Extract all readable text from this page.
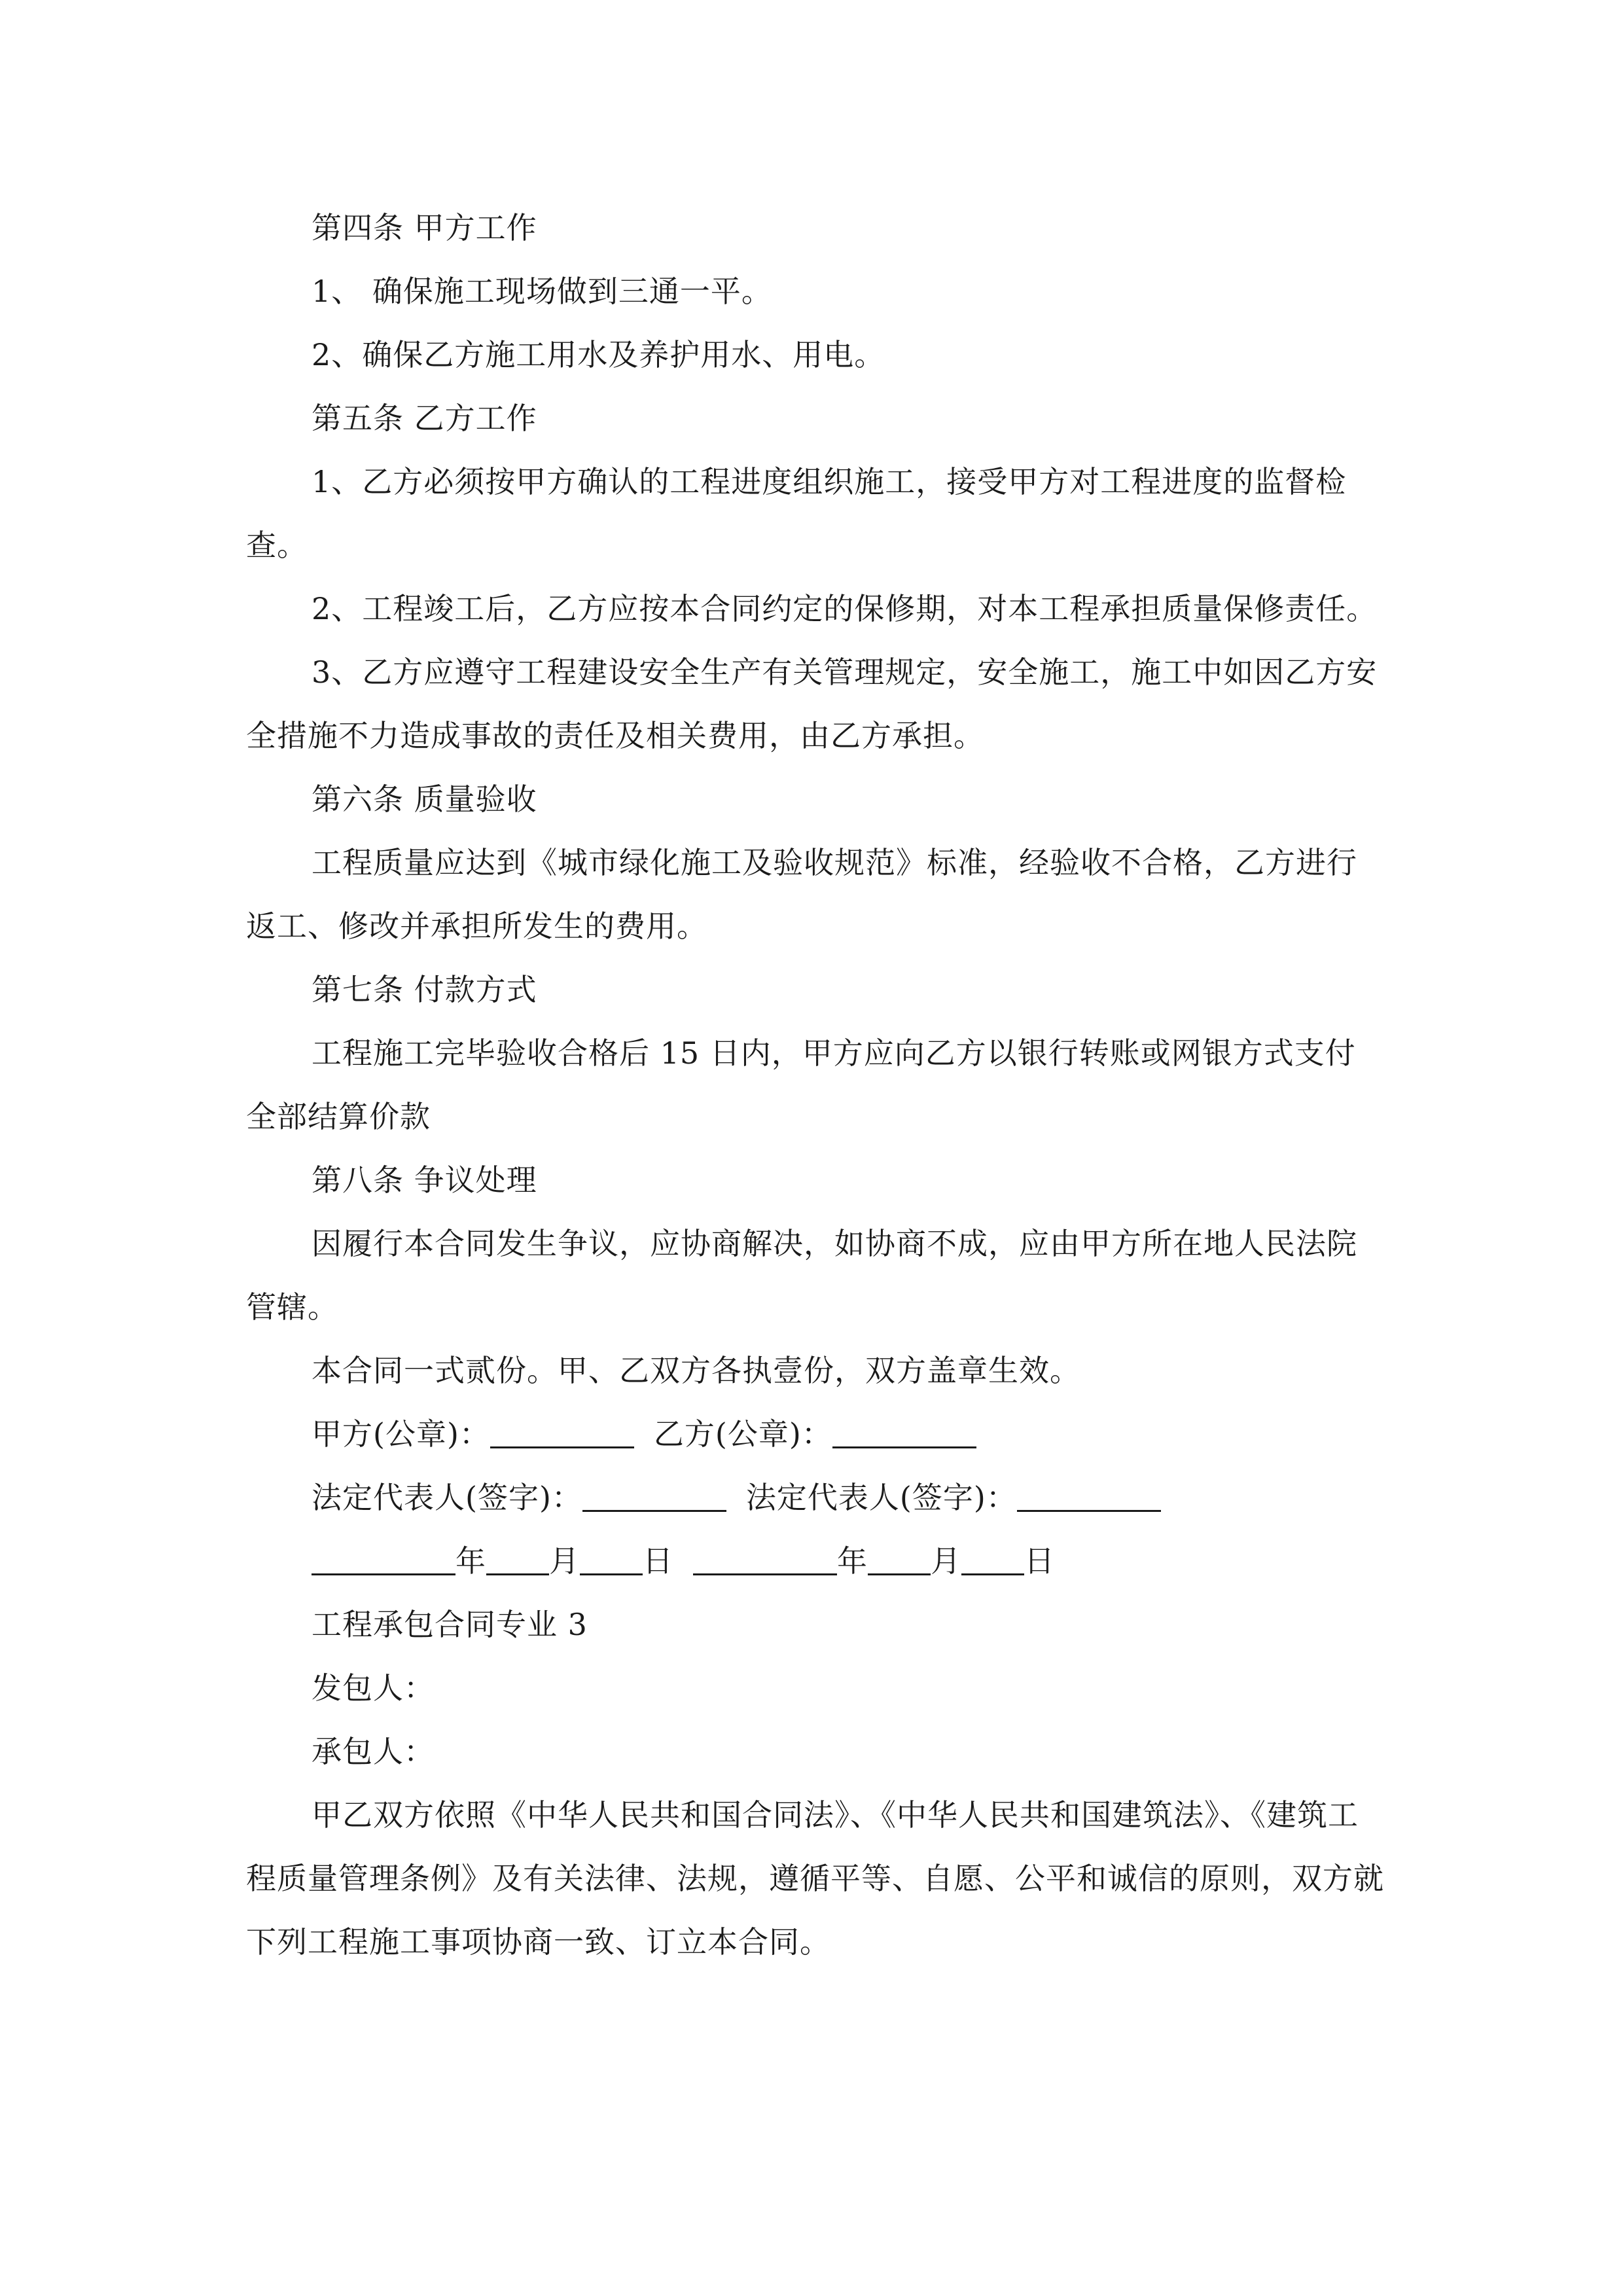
第四条 甲方工作

1、 确保施工现场做到三通一平。

2、确保乙方施工用水及养护用水、用电。

第五条 乙方工作

1、乙方必须按甲方确认的工程进度组织施工，接受甲方对工程进度的监督检查。

2、工程竣工后，乙方应按本合同约定的保修期，对本工程承担质量保修责任。

3、乙方应遵守工程建设安全生产有关管理规定，安全施工，施工中如因乙方安全措施不力造成事故的责任及相关费用，由乙方承担。

第六条 质量验收

工程质量应达到《城市绿化施工及验收规范》标准，经验收不合格，乙方进行返工、修改并承担所发生的费用。

第七条 付款方式

工程施工完毕验收合格后 15 日内，甲方应向乙方以银行转账或网银方式支付全部结算价款

第八条 争议处理

因履行本合同发生争议，应协商解决，如协商不成，应由甲方所在地人民法院管辖。

本合同一式贰份。甲、乙双方各执壹份，双方盖章生效。

甲方(公章)：	乙方(公章)：

法定代表人(签字)：	法定代表人(签字)：

年 月 日	年 月 日

工程承包合同专业 3

发包人：

承包人：

甲乙双方依照《中华人民共和国合同法》、《中华人民共和国建筑法》、《建筑工程质量管理条例》及有关法律、法规，遵循平等、自愿、公平和诚信的原则，双方就下列工程施工事项协商一致、订立本合同。
